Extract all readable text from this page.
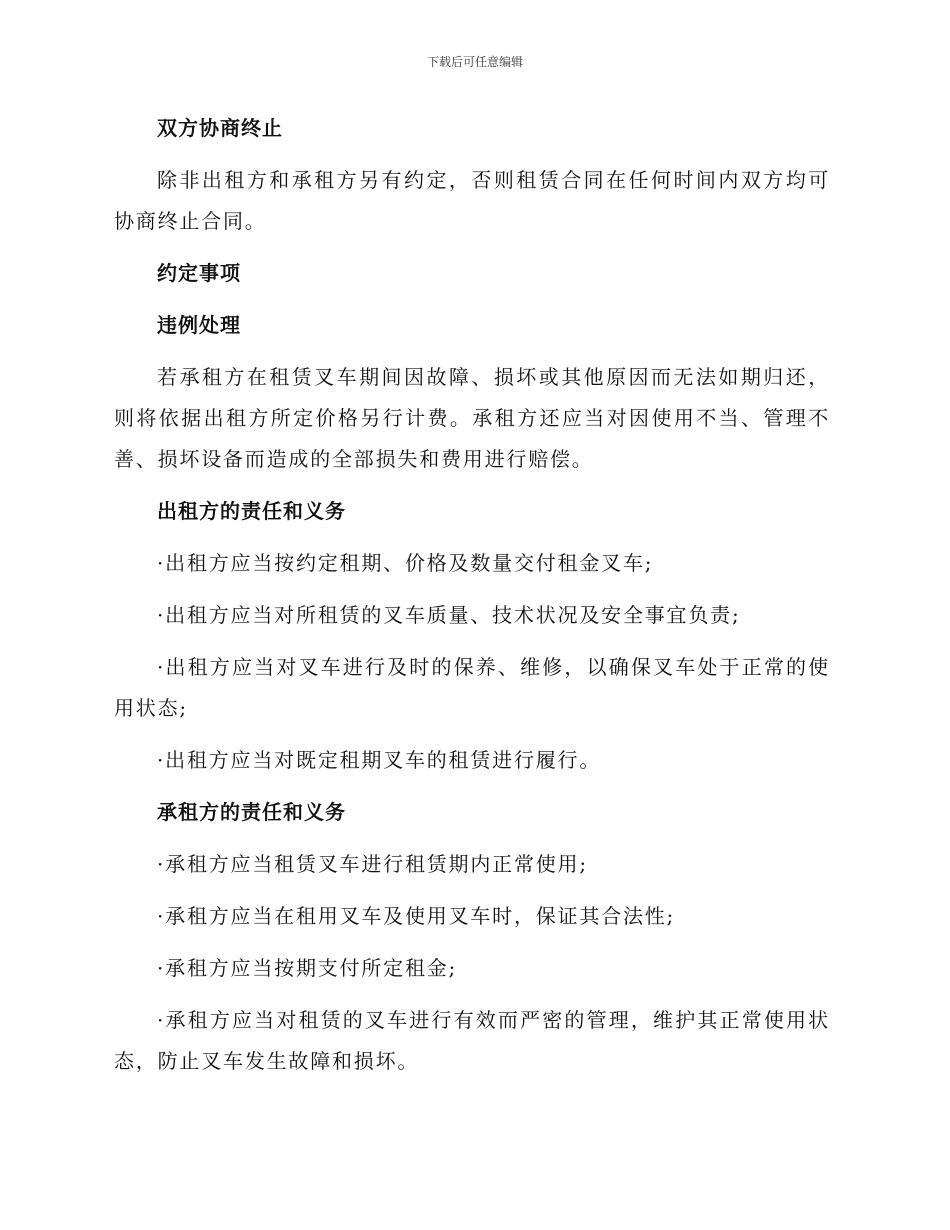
下载后可任意编辑
双方协商终止
除非出租方和承租方另有约定，否则租赁合同在任何时间内双方均可协商终止合同。
约定事项
违例处理
若承租方在租赁叉车期间因故障、损坏或其他原因而无法如期归还，则将依据出租方所定价格另行计费。承租方还应当对因使用不当、管理不善、损坏设备而造成的全部损失和费用进行赔偿。
出租方的责任和义务
·出租方应当按约定租期、价格及数量交付租金叉车;
·出租方应当对所租赁的叉车质量、技术状况及安全事宜负责;
·出租方应当对叉车进行及时的保养、维修，以确保叉车处于正常的使用状态;
·出租方应当对既定租期叉车的租赁进行履行。
承租方的责任和义务
·承租方应当租赁叉车进行租赁期内正常使用;
·承租方应当在租用叉车及使用叉车时，保证其合法性;
·承租方应当按期支付所定租金;
·承租方应当对租赁的叉车进行有效而严密的管理，维护其正常使用状态，防止叉车发生故障和损坏。
